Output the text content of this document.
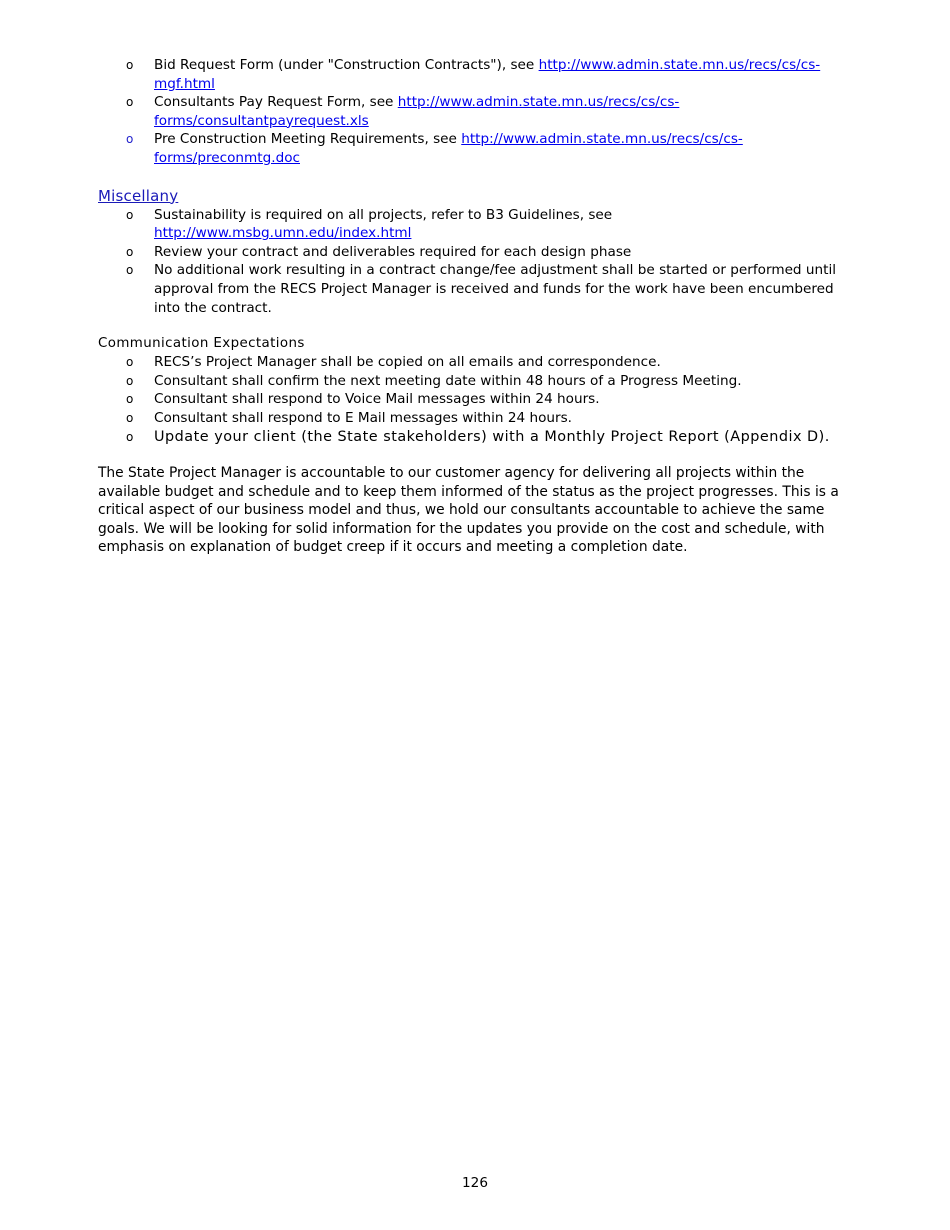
o Bid Request Form (under "Construction Contracts"), see http://www.admin.state.mn.us/recs/cs/cs-mgf.html
o Consultants Pay Request Form, see http://www.admin.state.mn.us/recs/cs/cs-forms/consultantpayrequest.xls
o Pre Construction Meeting Requirements, see http://www.admin.state.mn.us/recs/cs/cs-forms/preconmtg.doc
Miscellany
o Sustainability is required on all projects, refer to B3 Guidelines, see http://www.msbg.umn.edu/index.html
o Review your contract and deliverables required for each design phase
o No additional work resulting in a contract change/fee adjustment shall be started or performed until approval from the RECS Project Manager is received and funds for the work have been encumbered into the contract.
Communication Expectations
o RECS’s Project Manager shall be copied on all emails and correspondence.
o Consultant shall confirm the next meeting date within 48 hours of a Progress Meeting.
o Consultant shall respond to Voice Mail messages within 24 hours.
o Consultant shall respond to E Mail messages within 24 hours.
o Update your client (the State stakeholders) with a Monthly Project Report (Appendix D).

The State Project Manager is accountable to our customer agency for delivering all projects within the available budget and schedule and to keep them informed of the status as the project progresses. This is a critical aspect of our business model and thus, we hold our consultants accountable to achieve the same goals. We will be looking for solid information for the updates you provide on the cost and schedule, with emphasis on explanation of budget creep if it occurs and meeting a completion date.

126
